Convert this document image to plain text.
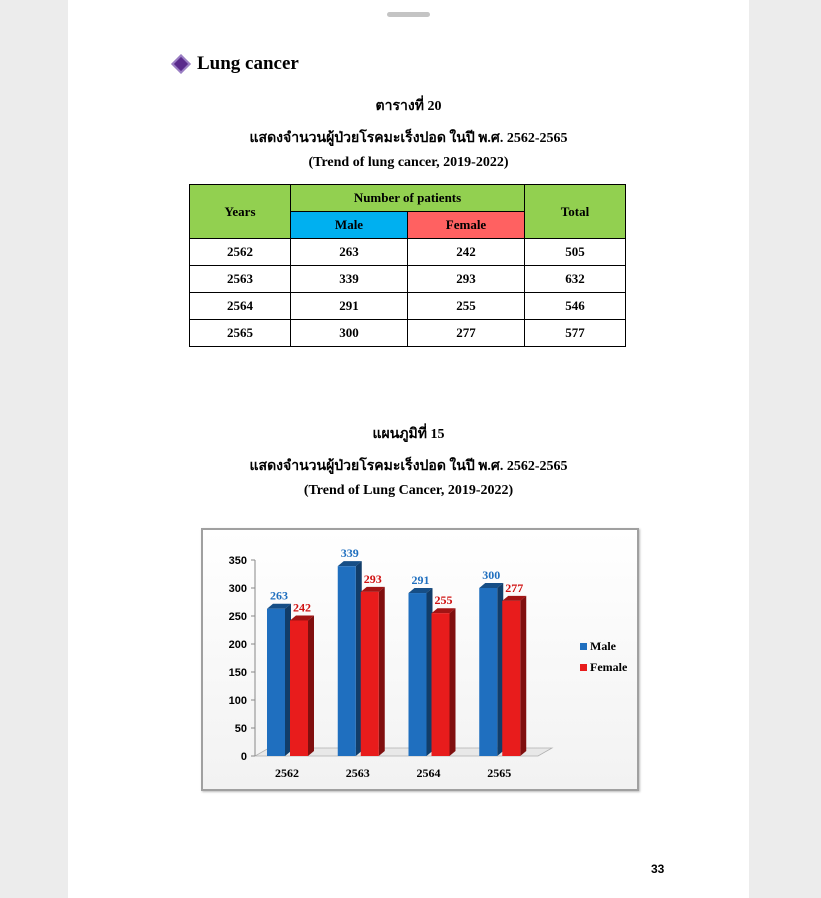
Lung cancer
ตารางที่ 20
แสดงจำนวนผู้ป่วยโรคมะเร็งปอด ในปี พ.ศ. 2562-2565
(Trend of lung cancer, 2019-2022)
Years	Number of patients		Total
	Male	Female	
2562	263	242	505
2563	339	293	632
2564	291	255	546
2565	300	277	577
แผนภูมิที่ 15
แสดงจำนวนผู้ป่วยโรคมะเร็งปอด ในปี พ.ศ. 2562-2565
(Trend of Lung Cancer, 2019-2022)
0
50
100
150
200
250
300
350
263
242
2562
339
293
2563
291
255
2564
300
277
2565
Male
Female
33
